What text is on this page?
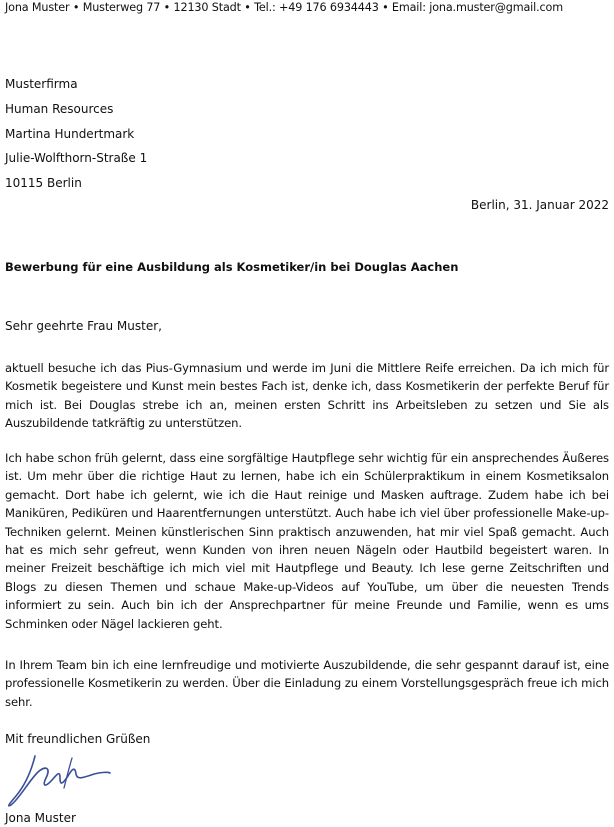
Jona Muster • Musterweg 77 • 12130 Stadt • Tel.: +49 176 6934443 • Email: jona.muster@gmail.com
Musterfirma
Human Resources
Martina Hundertmark
Julie-Wolfthorn-Straße 1
10115 Berlin
Berlin, 31. Januar 2022
Bewerbung für eine Ausbildung als Kosmetiker/in bei Douglas Aachen
Sehr geehrte Frau Muster,

aktuell besuche ich das Pius-Gymnasium und werde im Juni die Mittlere Reife erreichen. Da ich mich für Kosmetik begeistere und Kunst mein bestes Fach ist, denke ich, dass Kosmetikerin der perfekte Beruf für mich ist. Bei Douglas strebe ich an, meinen ersten Schritt ins Arbeitsleben zu setzen und Sie als Auszubildende tatkräftig zu unterstützen.

Ich habe schon früh gelernt, dass eine sorgfältige Hautpflege sehr wichtig für ein ansprechendes Äußeres ist. Um mehr über die richtige Haut zu lernen, habe ich ein Schülerpraktikum in einem Kosmetiksalon gemacht. Dort habe ich gelernt, wie ich die Haut reinige und Masken auftrage. Zudem habe ich bei Maniküren, Pediküren und Haarentfernungen unterstützt. Auch habe ich viel über professionelle Make-up-Techniken gelernt. Meinen künstlerischen Sinn praktisch anzuwenden, hat mir viel Spaß gemacht. Auch hat es mich sehr gefreut, wenn Kunden von ihren neuen Nägeln oder Hautbild begeistert waren. In meiner Freizeit beschäftige ich mich viel mit Hautpflege und Beauty. Ich lese gerne Zeitschriften und Blogs zu diesen Themen und schaue Make-up-Videos auf YouTube, um über die neuesten Trends informiert zu sein. Auch bin ich der Ansprechpartner für meine Freunde und Familie, wenn es ums Schminken oder Nägel lackieren geht.

In Ihrem Team bin ich eine lernfreudige und motivierte Auszubildende, die sehr gespannt darauf ist, eine professionelle Kosmetikerin zu werden. Über die Einladung zu einem Vorstellungsgespräch freue ich mich sehr.

Mit freundlichen Grüßen
Jona Muster
